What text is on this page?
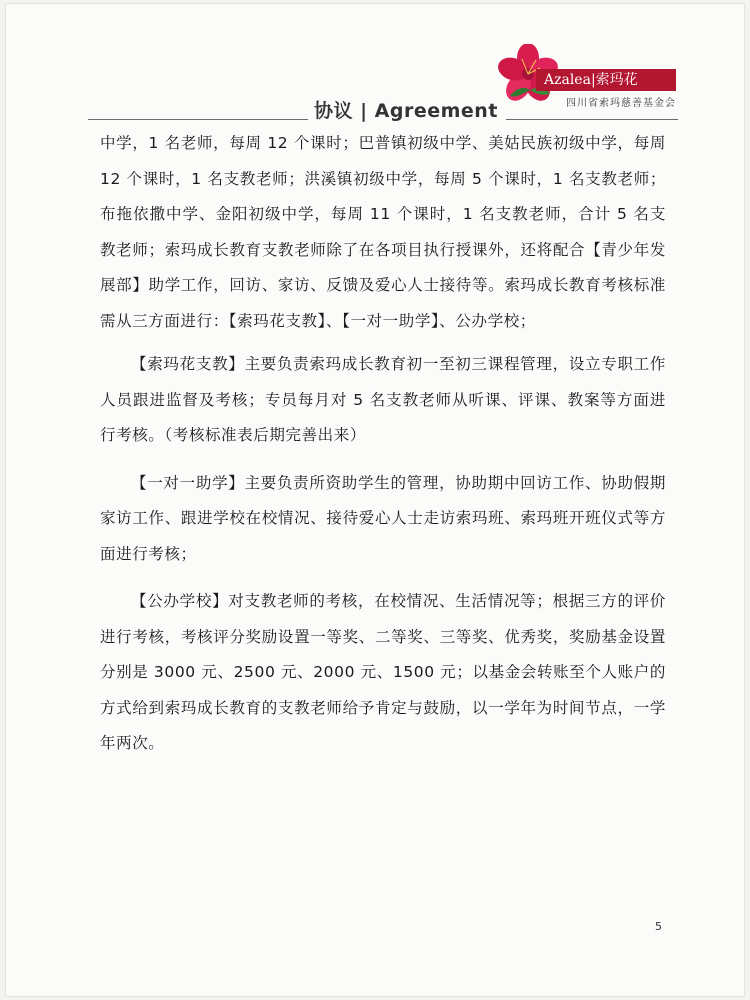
协议 | Agreement
Azalea|索玛花
四川省索玛慈善基金会

中学，1 名老师，每周 12 个课时；巴普镇初级中学、美姑民族初级中学，每周 12 个课时，1 名支教老师；洪溪镇初级中学，每周 5 个课时，1 名支教老师；布拖依撒中学、金阳初级中学，每周 11 个课时，1 名支教老师，合计 5 名支教老师；索玛成长教育支教老师除了在各项目执行授课外，还将配合【青少年发展部】助学工作，回访、家访、反馈及爱心人士接待等。索玛成长教育考核标准需从三方面进行：【索玛花支教】、【一对一助学】、公办学校；

【索玛花支教】主要负责索玛成长教育初一至初三课程管理，设立专职工作人员跟进监督及考核；专员每月对 5 名支教老师从听课、评课、教案等方面进行考核。（考核标准表后期完善出来）

【一对一助学】主要负责所资助学生的管理，协助期中回访工作、协助假期家访工作、跟进学校在校情况、接待爱心人士走访索玛班、索玛班开班仪式等方面进行考核；

【公办学校】对支教老师的考核，在校情况、生活情况等；根据三方的评价进行考核，考核评分奖励设置一等奖、二等奖、三等奖、优秀奖，奖励基金设置分别是 3000 元、2500 元、2000 元、1500 元；以基金会转账至个人账户的方式给到索玛成长教育的支教老师给予肯定与鼓励，以一学年为时间节点，一学年两次。

5
